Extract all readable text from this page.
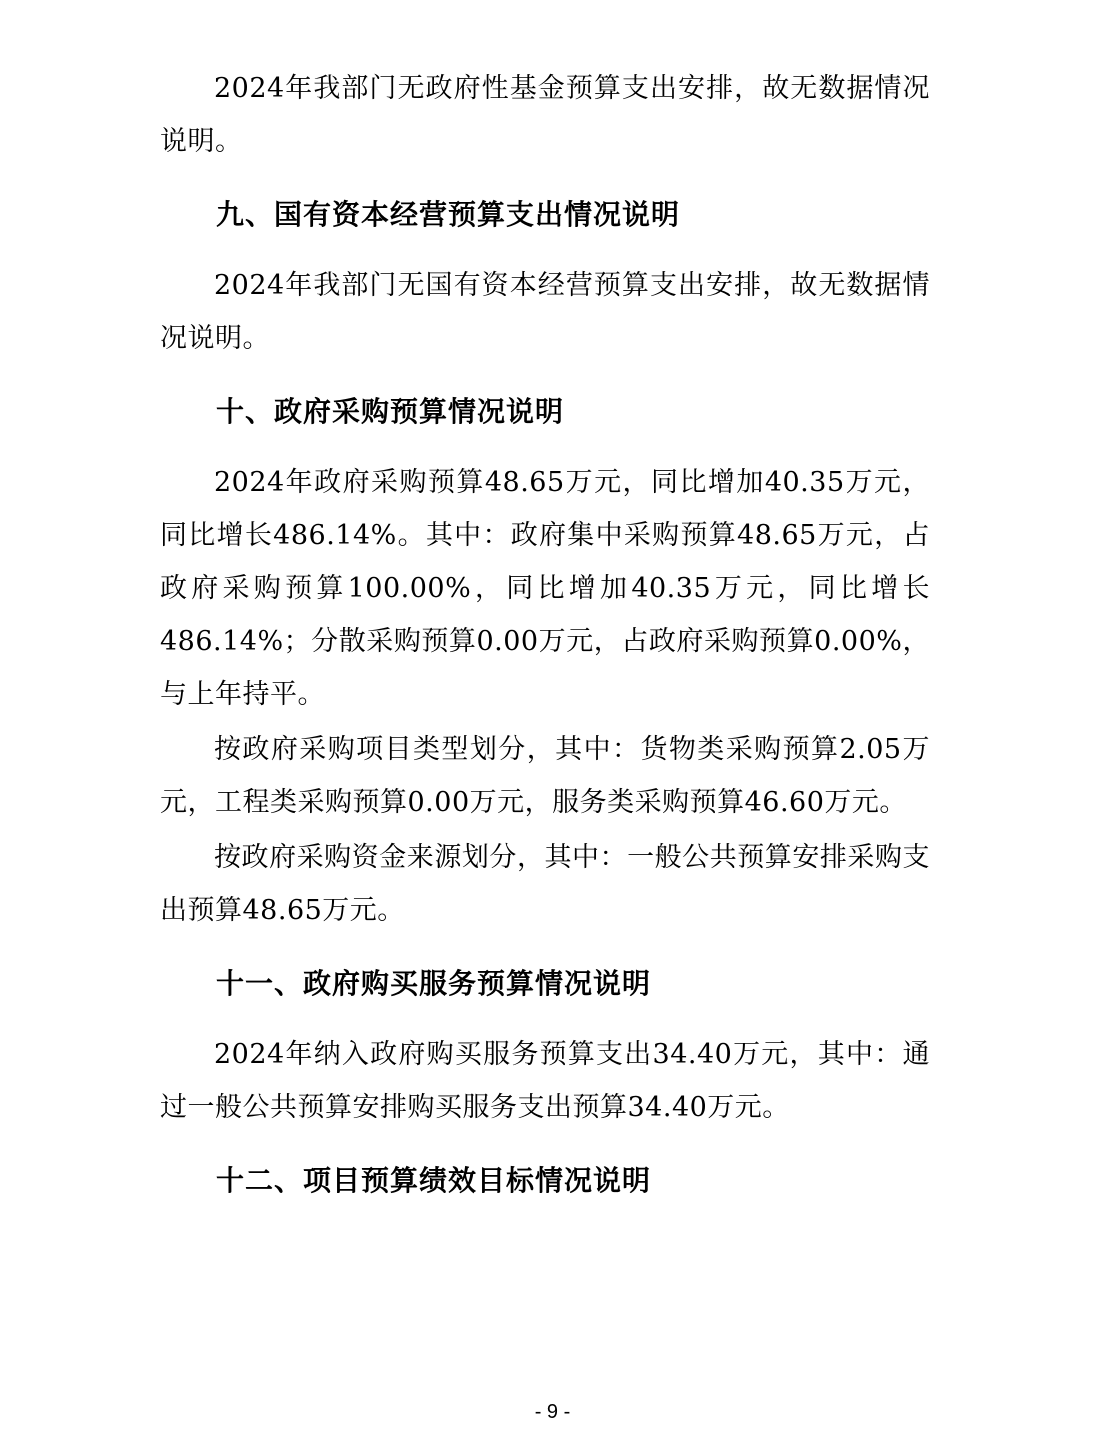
2024年我部门无政府性基金预算支出安排，故无数据情况说明。

九、国有资本经营预算支出情况说明

2024年我部门无国有资本经营预算支出安排，故无数据情况说明。

十、政府采购预算情况说明

2024年政府采购预算48.65万元，同比增加40.35万元，同比增长486.14%。其中：政府集中采购预算48.65万元，占政府采购预算100.00%，同比增加40.35万元，同比增长486.14%；分散采购预算0.00万元，占政府采购预算0.00%，与上年持平。

按政府采购项目类型划分，其中：货物类采购预算2.05万元，工程类采购预算0.00万元，服务类采购预算46.60万元。

按政府采购资金来源划分，其中：一般公共预算安排采购支出预算48.65万元。

十一、政府购买服务预算情况说明

2024年纳入政府购买服务预算支出34.40万元，其中：通过一般公共预算安排购买服务支出预算34.40万元。

十二、项目预算绩效目标情况说明
- 9 -
